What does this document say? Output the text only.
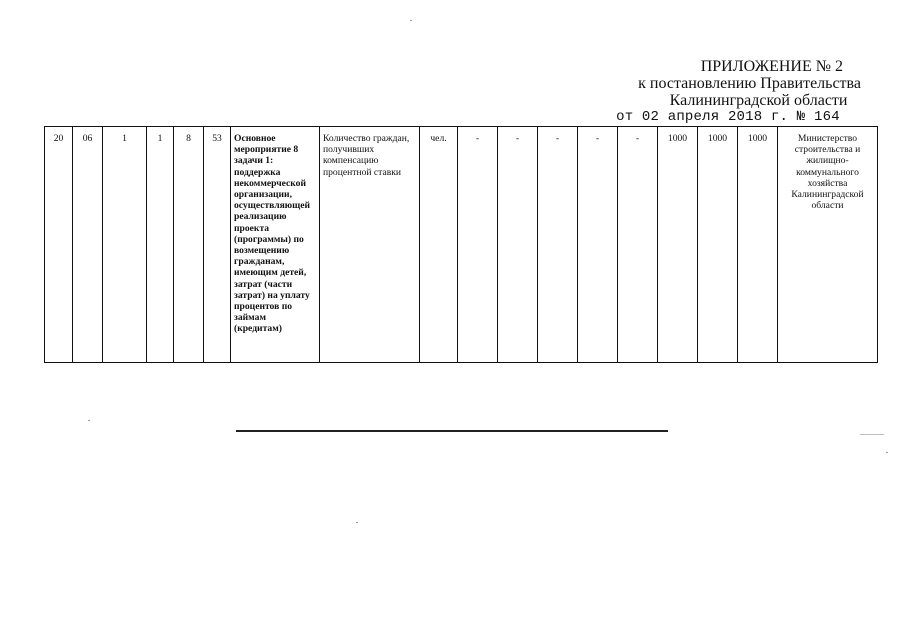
ПРИЛОЖЕНИЕ № 2
к постановлению Правительства
Калининградской области
от 02 апреля 2018 г. № 164
20	06	1	1	8	53	Основное мероприятие 8 задачи 1: поддержка некоммерческой организации, осуществляющей реализацию проекта (программы) по возмещению гражданам, имеющим детей, затрат (части затрат) на уплату процентов по займам (кредитам)	Количество граждан, получивших компенсацию процентной ставки	чел.	-	-	-	-	-	1000	1000	1000	Министерство строительства и жилищно-коммунального хозяйства Калининградской области
